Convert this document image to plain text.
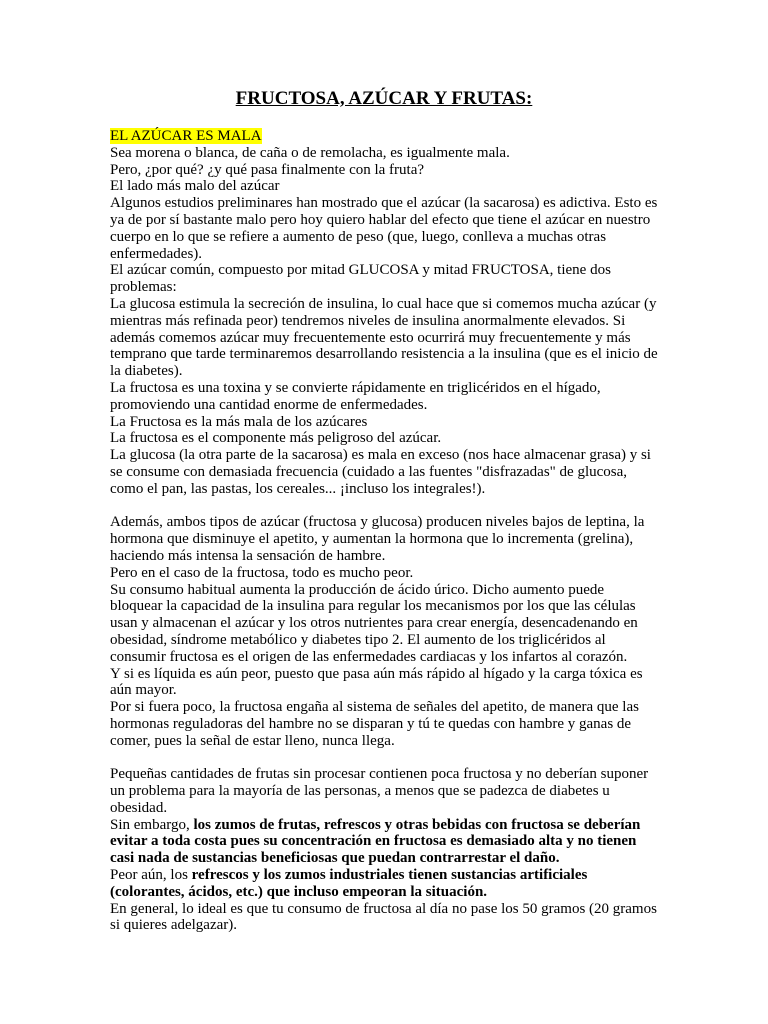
FRUCTOSA, AZÚCAR Y FRUTAS:

EL AZÚCAR ES MALA

Sea morena o blanca, de caña o de remolacha, es igualmente mala.

Pero, ¿por qué? ¿y qué pasa finalmente con la fruta?

El lado más malo del azúcar

Algunos estudios preliminares han mostrado que el azúcar (la sacarosa) es adictiva. Esto es ya de por sí bastante malo pero hoy quiero hablar del efecto que tiene el azúcar en nuestro cuerpo en lo que se refiere a aumento de peso (que, luego, conlleva a muchas otras enfermedades).

El azúcar común, compuesto por mitad GLUCOSA y mitad FRUCTOSA, tiene dos problemas:

La glucosa estimula la secreción de insulina, lo cual hace que si comemos mucha azúcar (y mientras más refinada peor) tendremos niveles de insulina anormalmente elevados. Si además comemos azúcar muy frecuentemente esto ocurrirá muy frecuentemente y más temprano que tarde terminaremos desarrollando resistencia a la insulina (que es el inicio de la diabetes).

La fructosa es una toxina y se convierte rápidamente en triglicéridos en el hígado, promoviendo una cantidad enorme de enfermedades.

La Fructosa es la más mala de los azúcares

La fructosa es el componente más peligroso del azúcar.

La glucosa (la otra parte de la sacarosa) es mala en exceso (nos hace almacenar grasa) y si se consume con demasiada frecuencia (cuidado a las fuentes "disfrazadas" de glucosa, como el pan, las pastas, los cereales... ¡incluso los integrales!).

Además, ambos tipos de azúcar (fructosa y glucosa) producen niveles bajos de leptina, la hormona que disminuye el apetito, y aumentan la hormona que lo incrementa (grelina), haciendo más intensa la sensación de hambre.

Pero en el caso de la fructosa, todo es mucho peor.

Su consumo habitual aumenta la producción de ácido úrico. Dicho aumento puede bloquear la capacidad de la insulina para regular los mecanismos por los que las células usan y almacenan el azúcar y los otros nutrientes para crear energía, desencadenando en obesidad, síndrome metabólico y diabetes tipo 2. El aumento de los triglicéridos al consumir fructosa es el origen de las enfermedades cardiacas y los infartos al corazón.

Y si es líquida es aún peor, puesto que pasa aún más rápido al hígado y la carga tóxica es aún mayor.

Por si fuera poco, la fructosa engaña al sistema de señales del apetito, de manera que las hormonas reguladoras del hambre no se disparan y tú te quedas con hambre y ganas de comer, pues la señal de estar lleno, nunca llega.

Pequeñas cantidades de frutas sin procesar contienen poca fructosa y no deberían suponer un problema para la mayoría de las personas, a menos que se padezca de diabetes u obesidad.

Sin embargo, los zumos de frutas, refrescos y otras bebidas con fructosa se deberían evitar a toda costa pues su concentración en fructosa es demasiado alta y no tienen casi nada de sustancias beneficiosas que puedan contrarrestar el daño.

Peor aún, los refrescos y los zumos industriales tienen sustancias artificiales (colorantes, ácidos, etc.) que incluso empeoran la situación.

En general, lo ideal es que tu consumo de fructosa al día no pase los 50 gramos (20 gramos si quieres adelgazar).
